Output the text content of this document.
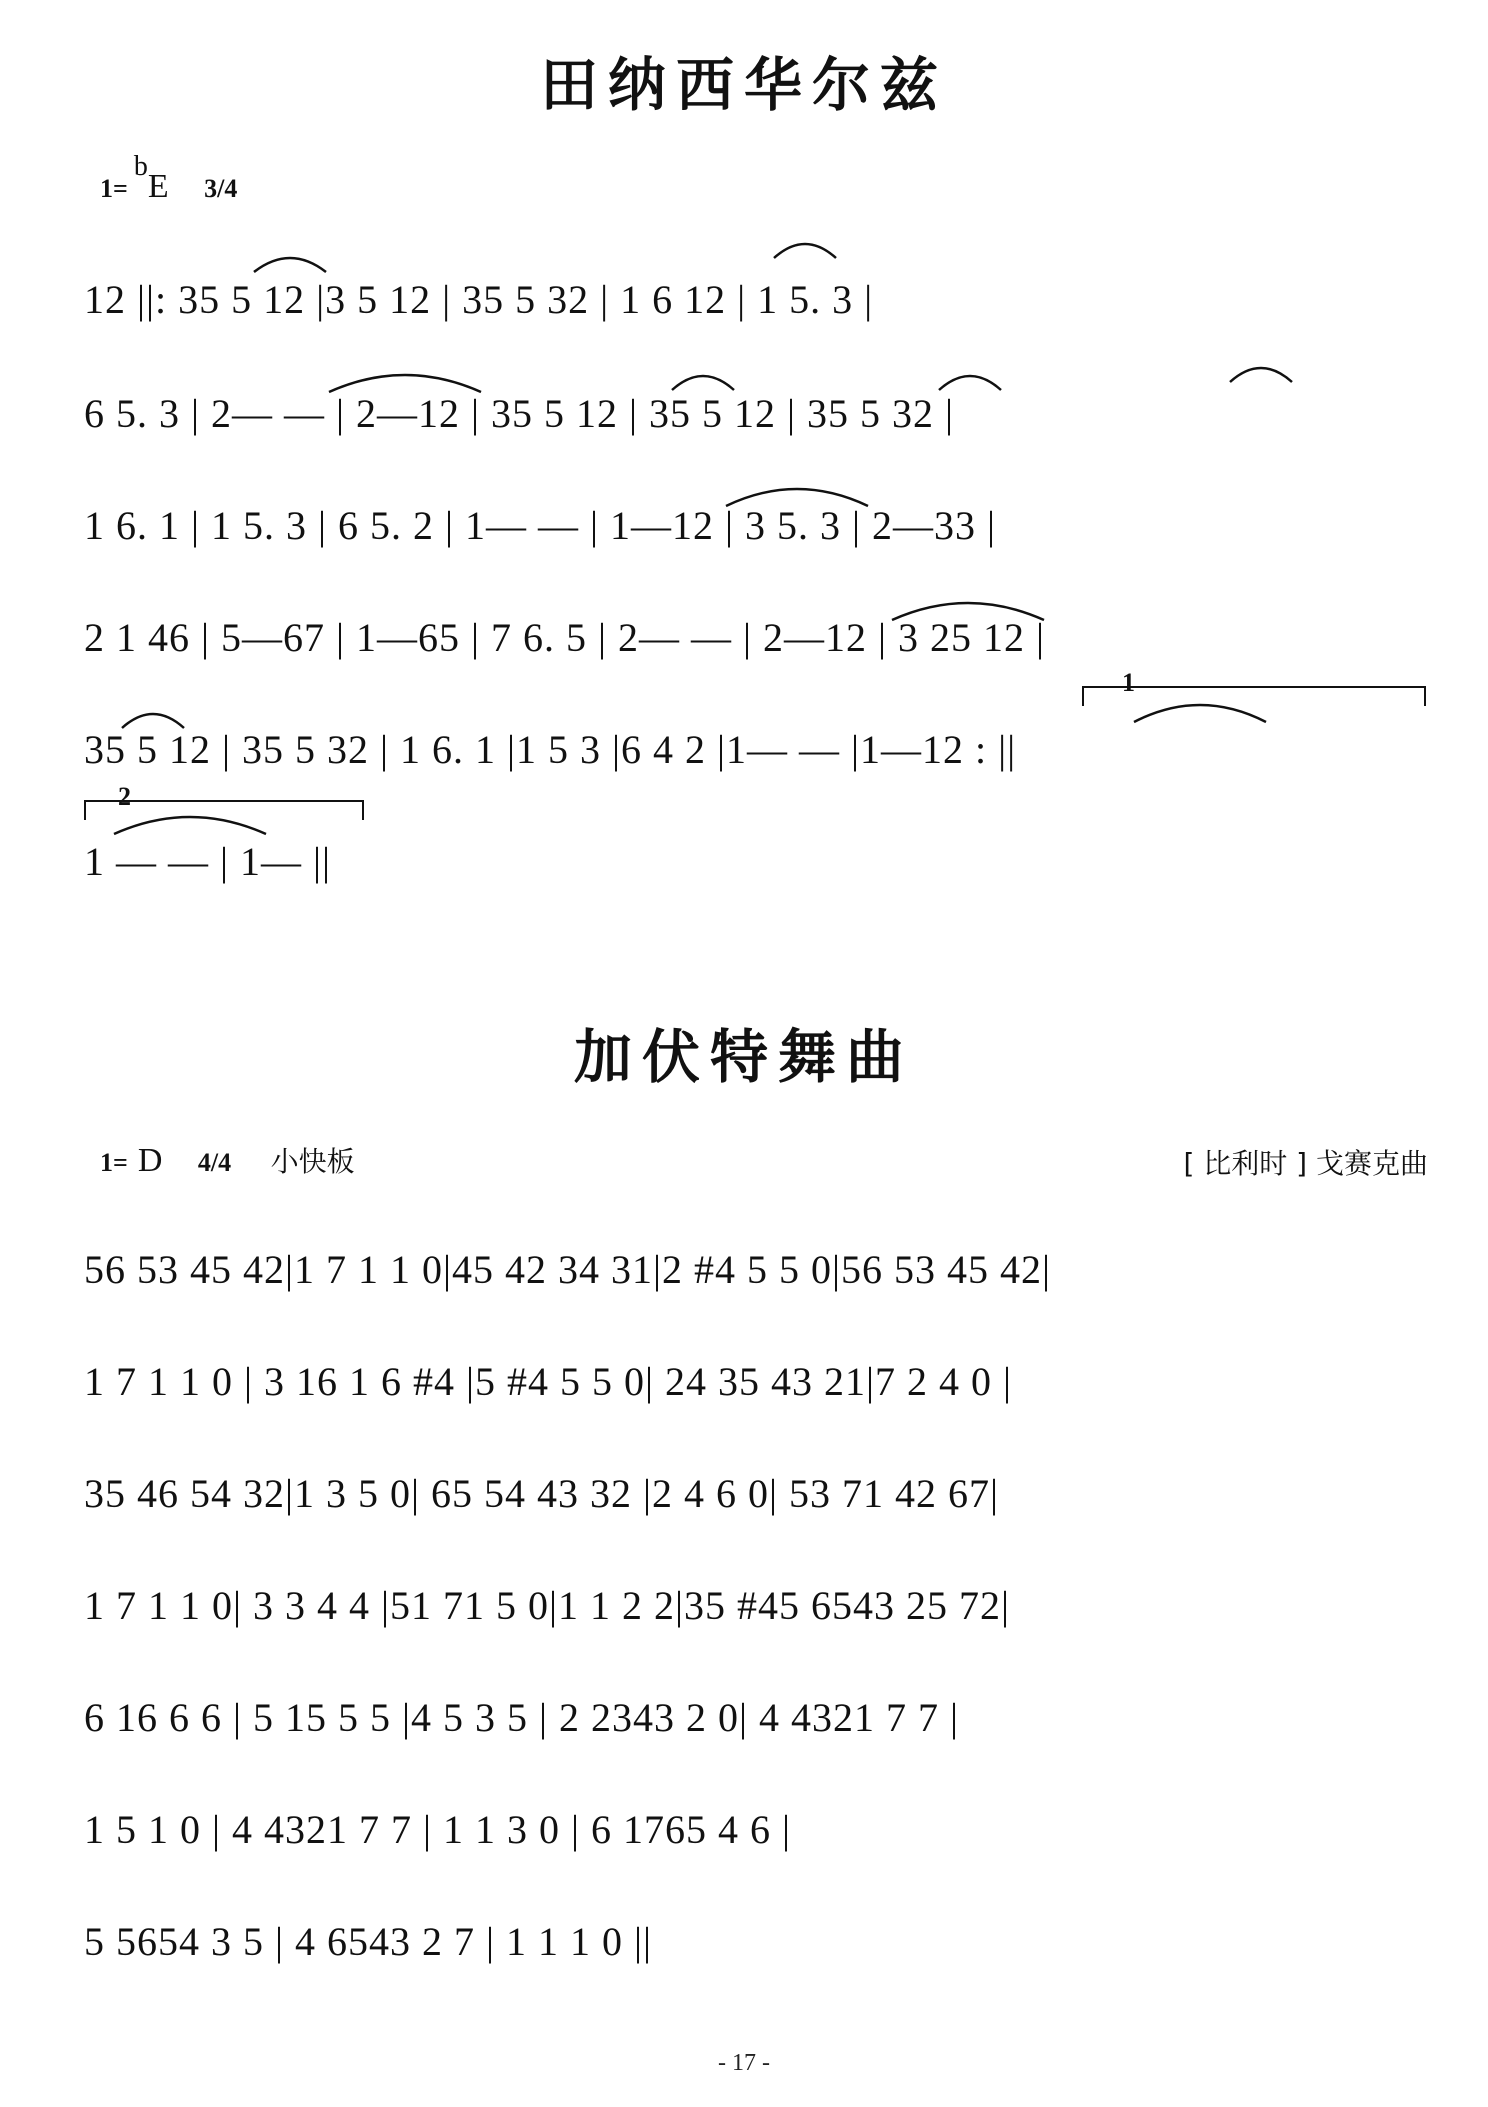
田纳西华尔兹
1=bE 3/4
1
2
12 ||: 35 5 12 |3 5 12 | 35 5 32 | 1 6 12 | 1 5. 3 |
6 5. 3 | 2— — | 2—12 | 35 5 12 | 35 5 12 | 35 5 32 |
1 6. 1 | 1 5. 3 | 6 5. 2 | 1— — | 1—12 | 3 5. 3 | 2—33 |
2 1 46 | 5—67 | 1—65 | 7 6. 5 | 2— — | 2—12 | 3 25 12 |
35 5 12 | 35 5 32 | 1 6. 1 |1 5 3 |6 4 2 |1— — |1—12 : ||
1 — — | 1— ||
加伏特舞曲
1= D 4/4 小快板	[ 比利时 ] 戈赛克曲
56 53 45 42|1 7 1 1 0|45 42 34 31|2 #4 5 5 0|56 53 45 42|
1 7 1 1 0 | 3 16 1 6 #4 |5 #4 5 5 0| 24 35 43 21|7 2 4 0 |
35 46 54 32|1 3 5 0| 65 54 43 32 |2 4 6 0| 53 71 42 67|
1 7 1 1 0| 3 3 4 4 |51 71 5 0|1 1 2 2|35 #45 6543 25 72|
6 16 6 6 | 5 15 5 5 |4 5 3 5 | 2 2343 2 0| 4 4321 7 7 |
1 5 1 0 | 4 4321 7 7 | 1 1 3 0 | 6 1765 4 6 |
5 5654 3 5 | 4 6543 2 7 | 1 1 1 0 ||
- 17 -
